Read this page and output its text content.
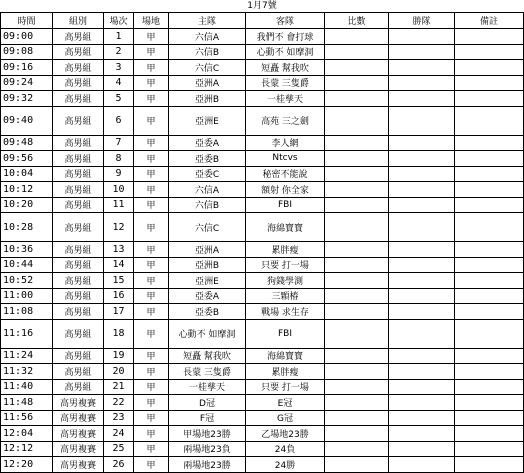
1月7號
時間	組別	場次	場地	主隊	客隊	比數	勝隊	備註
09:00	高男組	1	甲	六信A	我們不 會打球			
09:08	高男組	2	甲	六信B	心動不 如摩洞			
09:16	高男組	3	甲	六信C	短矗 幫我吹			
09:24	高男組	4	甲	亞洲A	長蒙 三隻爵			
09:32	高男組	5	甲	亞洲B	一桂孳天			
09:40	高男組	6	甲	亞洲E	高苑 三之劍			
09:48	高男組	7	甲	亞委A	李人網			
09:56	高男組	8	甲	亞委B	Ntcvs			
10:04	高男組	9	甲	亞委C	秘密不能說			
10:12	高男組	10	甲	六信A	額射 你全家			
10:20	高男組	11	甲	六信B	FBI			
10:28	高男組	12	甲	六信C	海綿寶寶			
10:36	高男組	13	甲	亞洲A	累胖瘦			
10:44	高男組	14	甲	亞洲B	只要 打一場			
10:52	高男組	15	甲	亞洲E	狗錢學測			
11:00	高男組	16	甲	亞委A	三顆椿			
11:08	高男組	17	甲	亞委B	戰場 求生存			
11:16	高男組	18	甲	心動不 如摩洞	FBI			
11:24	高男組	19	甲	短矗 幫我吹	海綿寶寶			
11:32	高男組	20	甲	長蒙 三隻爵	累胖瘦			
11:40	高男組	21	甲	一桂孳天	只要 打一場			
11:48	高男複賽	22	甲	D冠	E冠			
11:56	高男複賽	23	甲	F冠	G冠			
12:04	高男複賽	24	甲	甲場地23勝	乙場地23勝			
12:12	高男複賽	25	甲	兩場地23負	24負			
12:20	高男複賽	26	甲	兩場地23勝	24勝			
